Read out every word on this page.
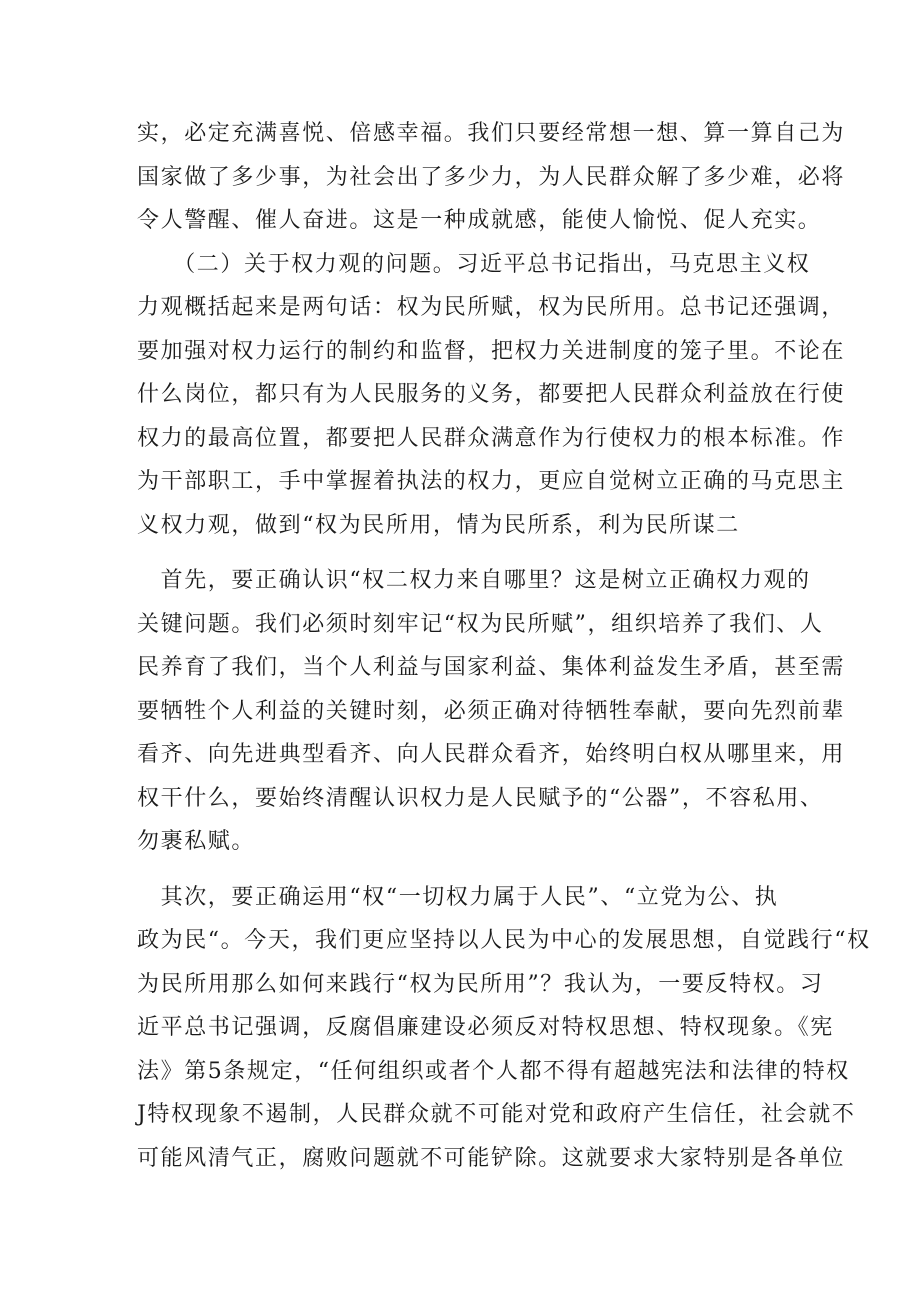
实，必定充满喜悦、倍感幸福。我们只要经常想一想、算一算自己为
国家做了多少事，为社会出了多少力，为人民群众解了多少难，必将
令人警醒、催人奋进。这是一种成就感，能使人愉悦、促人充实。
　　（二）关于权力观的问题。习近平总书记指出，马克思主义权
力观概括起来是两句话：权为民所赋，权为民所用。总书记还强调，
要加强对权力运行的制约和监督，把权力关进制度的笼子里。不论在
什么岗位，都只有为人民服务的义务，都要把人民群众利益放在行使
权力的最高位置，都要把人民群众满意作为行使权力的根本标准。作
为干部职工，手中掌握着执法的权力，更应自觉树立正确的马克思主
义权力观，做到“权为民所用，情为民所系，利为民所谋二
　首先，要正确认识“权二权力来自哪里？这是树立正确权力观的
关键问题。我们必须时刻牢记“权为民所赋”，组织培养了我们、人
民养育了我们，当个人利益与国家利益、集体利益发生矛盾，甚至需
要牺牲个人利益的关键时刻，必须正确对待牺牲奉献，要向先烈前辈
看齐、向先进典型看齐、向人民群众看齐，始终明白权从哪里来，用
权干什么，要始终清醒认识权力是人民赋予的“公器”，不容私用、
勿裹私赋。
　其次，要正确运用“权“一切权力属于人民”、“立党为公、执
政为民“。今天，我们更应坚持以人民为中心的发展思想，自觉践行“权
为民所用那么如何来践行“权为民所用”？我认为，一要反特权。习
近平总书记强调，反腐倡廉建设必须反对特权思想、特权现象。《宪
法》第5条规定，“任何组织或者个人都不得有超越宪法和法律的特权
J特权现象不遏制，人民群众就不可能对党和政府产生信任，社会就不
可能风清气正，腐败问题就不可能铲除。这就要求大家特别是各单位
